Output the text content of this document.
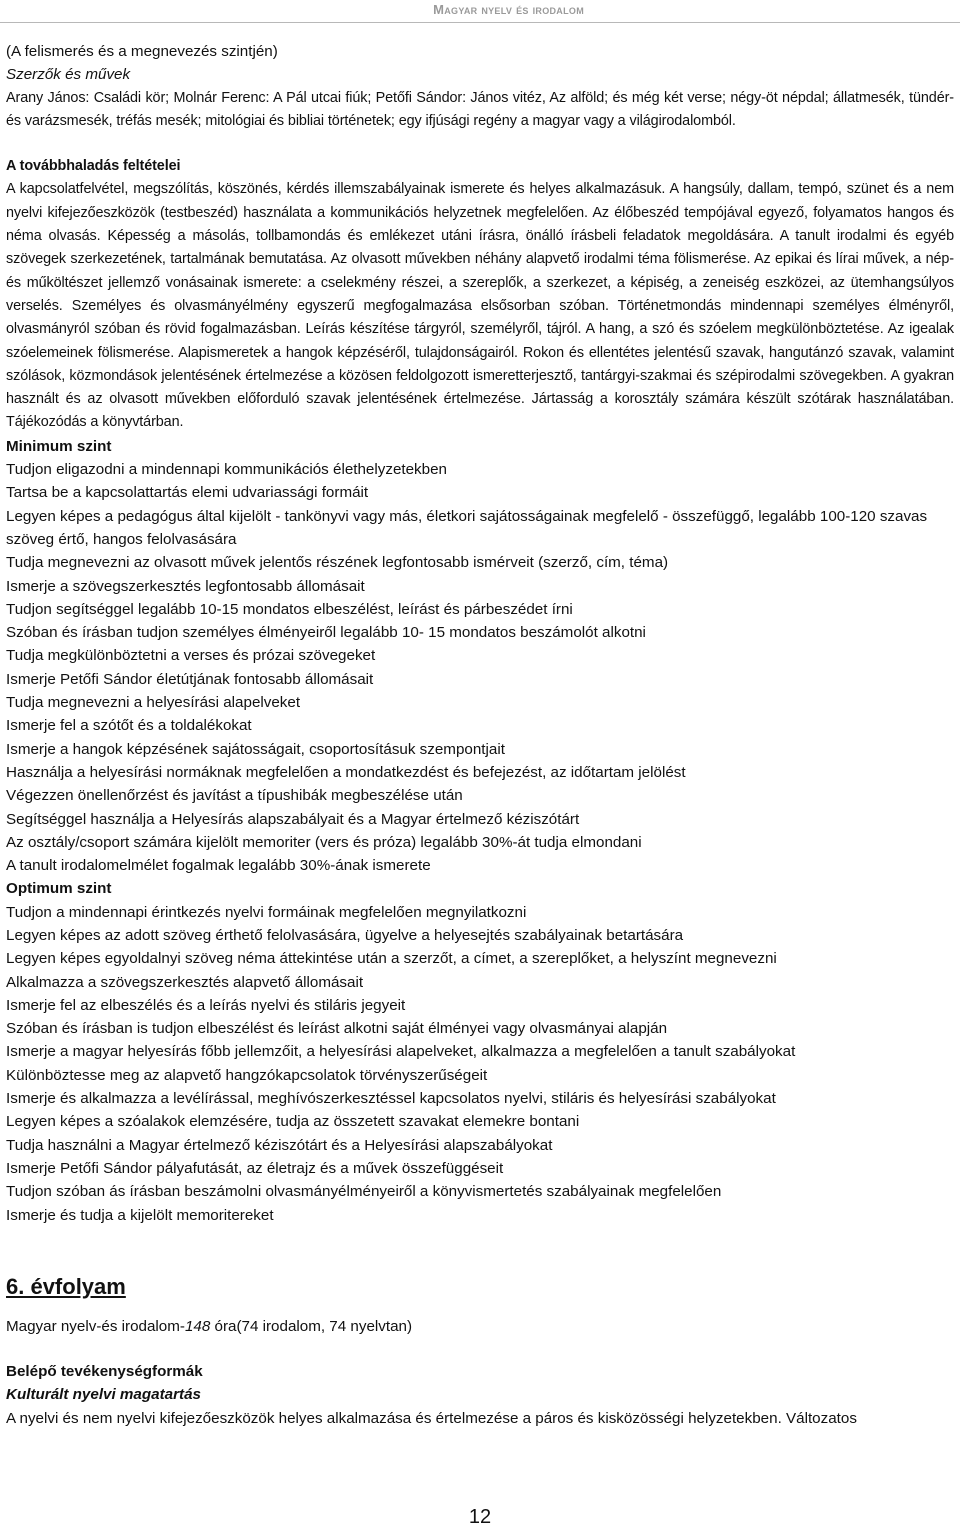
Magyar nyelv és irodalom

(A felismerés és a megnevezés szintjén)

Szerzők és művek

Arany János: Családi kör; Molnár Ferenc: A Pál utcai fiúk; Petőfi Sándor: János vitéz, Az alföld; és még két verse; négy-öt népdal; állatmesék, tündér- és varázsmesék, tréfás mesék; mitológiai és bibliai történetek; egy ifjúsági regény a magyar vagy a világirodalomból.

A továbbhaladás feltételei

A kapcsolatfelvétel, megszólítás, köszönés, kérdés illemszabályainak ismerete és helyes alkalmazásuk. A hangsúly, dallam, tempó, szünet és a nem nyelvi kifejezőeszközök (testbeszéd) használata a kommunikációs helyzetnek megfelelően. Az élőbeszéd tempójával egyező, folyamatos hangos és néma olvasás. Képesség a másolás, tollbamondás és emlékezet utáni írásra, önálló írásbeli feladatok megoldására. A tanult irodalmi és egyéb szövegek szerkezetének, tartalmának bemutatása. Az olvasott művekben néhány alapvető irodalmi téma fölismerése. Az epikai és lírai művek, a nép- és műköltészet jellemző vonásainak ismerete: a cselekmény részei, a szereplők, a szerkezet, a képiség, a zeneiség eszközei, az ütemhangsúlyos verselés. Személyes és olvasmányélmény egyszerű megfogalmazása elsősorban szóban. Történetmondás mindennapi személyes élményről, olvasmányról szóban és rövid fogalmazásban. Leírás készítése tárgyról, személyről, tájról. A hang, a szó és szóelem megkülönböztetése. Az igealak szóelemeinek fölismerése. Alapismeretek a hangok képzéséről, tulajdonságairól. Rokon és ellentétes jelentésű szavak, hangutánzó szavak, valamint szólások, közmondások jelentésének értelmezése a közösen feldolgozott ismeretterjesztő, tantárgyi-szakmai és szépirodalmi szövegekben. A gyakran használt és az olvasott művekben előforduló szavak jelentésének értelmezése. Jártasság a korosztály számára készült szótárak használatában. Tájékozódás a könyvtárban.

Minimum szint

Tudjon eligazodni a mindennapi kommunikációs élethelyzetekben

Tartsa be a kapcsolattartás elemi udvariassági formáit

Legyen képes a pedagógus által kijelölt - tankönyvi vagy más, életkori sajátosságainak megfelelő - összefüggő, legalább 100-120 szavas szöveg értő, hangos felolvasására

Tudja megnevezni az olvasott művek jelentős részének legfontosabb ismérveit (szerző, cím, téma)

Ismerje a szövegszerkesztés legfontosabb állomásait

Tudjon segítséggel legalább 10-15 mondatos elbeszélést, leírást és párbeszédet írni

Szóban és írásban tudjon személyes élményeiről legalább 10- 15 mondatos beszámolót alkotni

Tudja megkülönböztetni a verses és prózai szövegeket

Ismerje Petőfi Sándor életútjának fontosabb állomásait

Tudja megnevezni a helyesírási alapelveket

Ismerje fel a szótőt és a toldalékokat

Ismerje a hangok képzésének sajátosságait, csoportosításuk szempontjait

Használja a helyesírási normáknak megfelelően a mondatkezdést és befejezést, az időtartam jelölést

Végezzen önellenőrzést és javítást a típushibák megbeszélése után

Segítséggel használja a Helyesírás alapszabályait és a Magyar értelmező kéziszótárt

Az osztály/csoport számára kijelölt memoriter (vers és próza) legalább 30%-át tudja elmondani

A tanult irodalomelmélet fogalmak legalább 30%-ának ismerete

Optimum szint

Tudjon a mindennapi érintkezés nyelvi formáinak megfelelően megnyilatkozni

Legyen képes az adott szöveg érthető felolvasására, ügyelve a helyesejtés szabályainak betartására

Legyen képes egyoldalnyi szöveg néma áttekintése után a szerzőt, a címet, a szereplőket, a helyszínt megnevezni

Alkalmazza a szövegszerkesztés alapvető állomásait

Ismerje fel az elbeszélés és a leírás nyelvi és stiláris jegyeit

Szóban és írásban is tudjon elbeszélést és leírást alkotni saját élményei vagy olvasmányai alapján

Ismerje a magyar helyesírás főbb jellemzőit, a helyesírási alapelveket, alkalmazza a megfelelően a tanult szabályokat

Különböztesse meg az alapvető hangzókapcsolatok törvényszerűségeit

Ismerje és alkalmazza a levélírással, meghívószerkesztéssel kapcsolatos nyelvi, stiláris és helyesírási szabályokat

Legyen képes a szóalakok elemzésére, tudja az összetett szavakat elemekre bontani

Tudja használni a Magyar értelmező kéziszótárt és a Helyesírási alapszabályokat

Ismerje Petőfi Sándor pályafutását, az életrajz és a művek összefüggéseit

Tudjon szóban ás írásban beszámolni olvasmányélményeiről a könyvismertetés szabályainak megfelelően

Ismerje és tudja a kijelölt memoritereket

6. évfolyam

Magyar nyelv-és irodalom-148 óra(74 irodalom, 74 nyelvtan)

Belépő tevékenységformák

Kulturált nyelvi magatartás

A nyelvi és nem nyelvi kifejezőeszközök helyes alkalmazása és értelmezése a páros és kisközösségi helyzetekben. Változatos

12
